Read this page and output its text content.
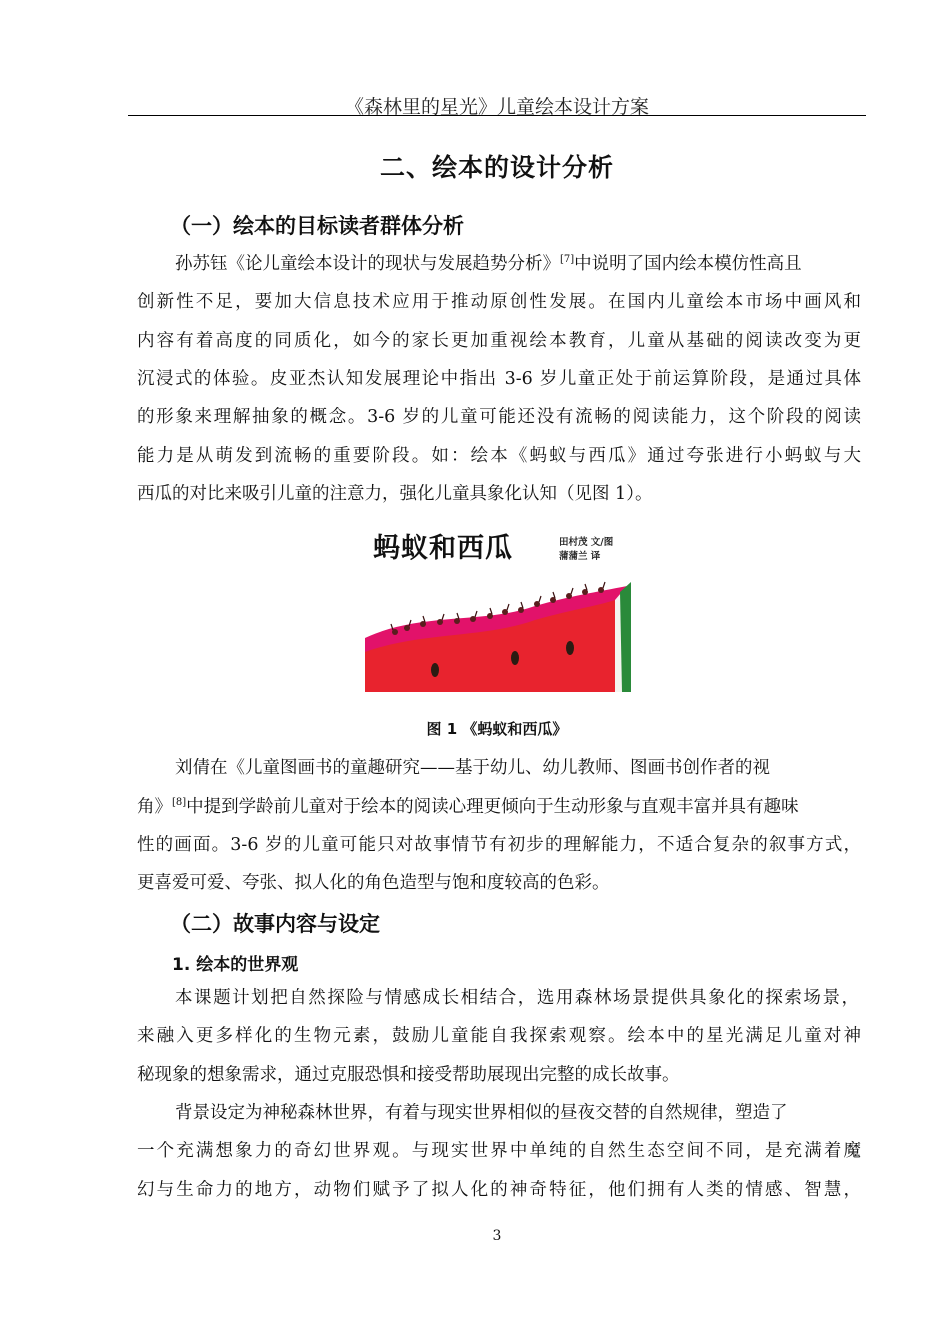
《森林里的星光》儿童绘本设计方案
二、绘本的设计分析
（一）绘本的目标读者群体分析
孙苏钰《论儿童绘本设计的现状与发展趋势分析》[7]中说明了国内绘本模仿性高且
创新性不足，要加大信息技术应用于推动原创性发展。在国内儿童绘本市场中画风和
内容有着高度的同质化，如今的家长更加重视绘本教育，儿童从基础的阅读改变为更
沉浸式的体验。皮亚杰认知发展理论中指出 3-6 岁儿童正处于前运算阶段，是通过具体
的形象来理解抽象的概念。3-6 岁的儿童可能还没有流畅的阅读能力，这个阶段的阅读
能力是从萌发到流畅的重要阶段。如：绘本《蚂蚁与西瓜》通过夸张进行小蚂蚁与大
西瓜的对比来吸引儿童的注意力，强化儿童具象化认知（见图 1）。
蚂蚁和西瓜	田村茂 文/图
蒲蒲兰 译
图 1 《蚂蚁和西瓜》
刘倩在《儿童图画书的童趣研究——基于幼儿、幼儿教师、图画书创作者的视
角》[8]中提到学龄前儿童对于绘本的阅读心理更倾向于生动形象与直观丰富并具有趣味
性的画面。3-6 岁的儿童可能只对故事情节有初步的理解能力，不适合复杂的叙事方式，
更喜爱可爱、夸张、拟人化的角色造型与饱和度较高的色彩。
（二）故事内容与设定
1. 绘本的世界观
本课题计划把自然探险与情感成长相结合，选用森林场景提供具象化的探索场景，
来融入更多样化的生物元素，鼓励儿童能自我探索观察。绘本中的星光满足儿童对神
秘现象的想象需求，通过克服恐惧和接受帮助展现出完整的成长故事。
背景设定为神秘森林世界，有着与现实世界相似的昼夜交替的自然规律，塑造了
一个充满想象力的奇幻世界观。与现实世界中单纯的自然生态空间不同，是充满着魔
幻与生命力的地方，动物们赋予了拟人化的神奇特征，他们拥有人类的情感、智慧，
3
